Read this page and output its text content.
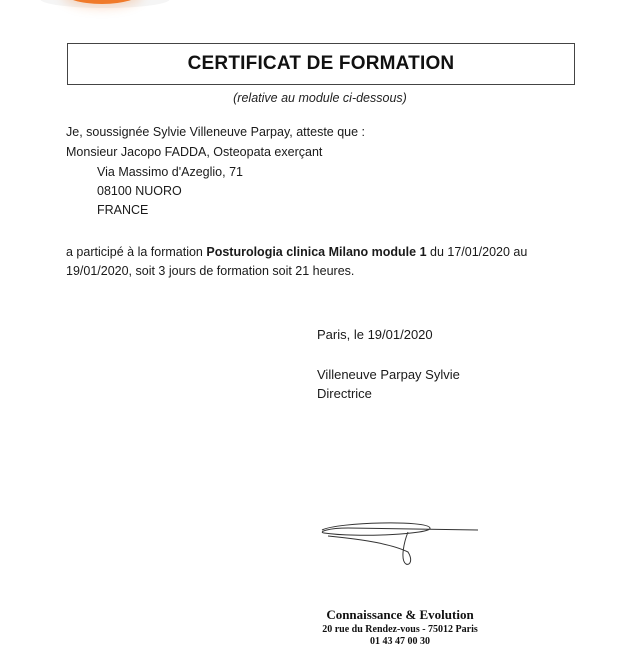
CERTIFICAT DE FORMATION
(relative au module ci-dessous)
Je, soussignée Sylvie Villeneuve Parpay, atteste que :
Monsieur Jacopo FADDA, Osteopata exerçant
Via Massimo d'Azeglio, 71
08100 NUORO
FRANCE
a participé à la formation Posturologia clinica Milano module 1 du 17/01/2020 au
19/01/2020, soit 3 jours de formation soit 21 heures.
Paris, le 19/01/2020
Villeneuve Parpay Sylvie
Directrice
Connaissance & Evolution
20 rue du Rendez-vous - 75012 Paris
01 43 47 00 30
